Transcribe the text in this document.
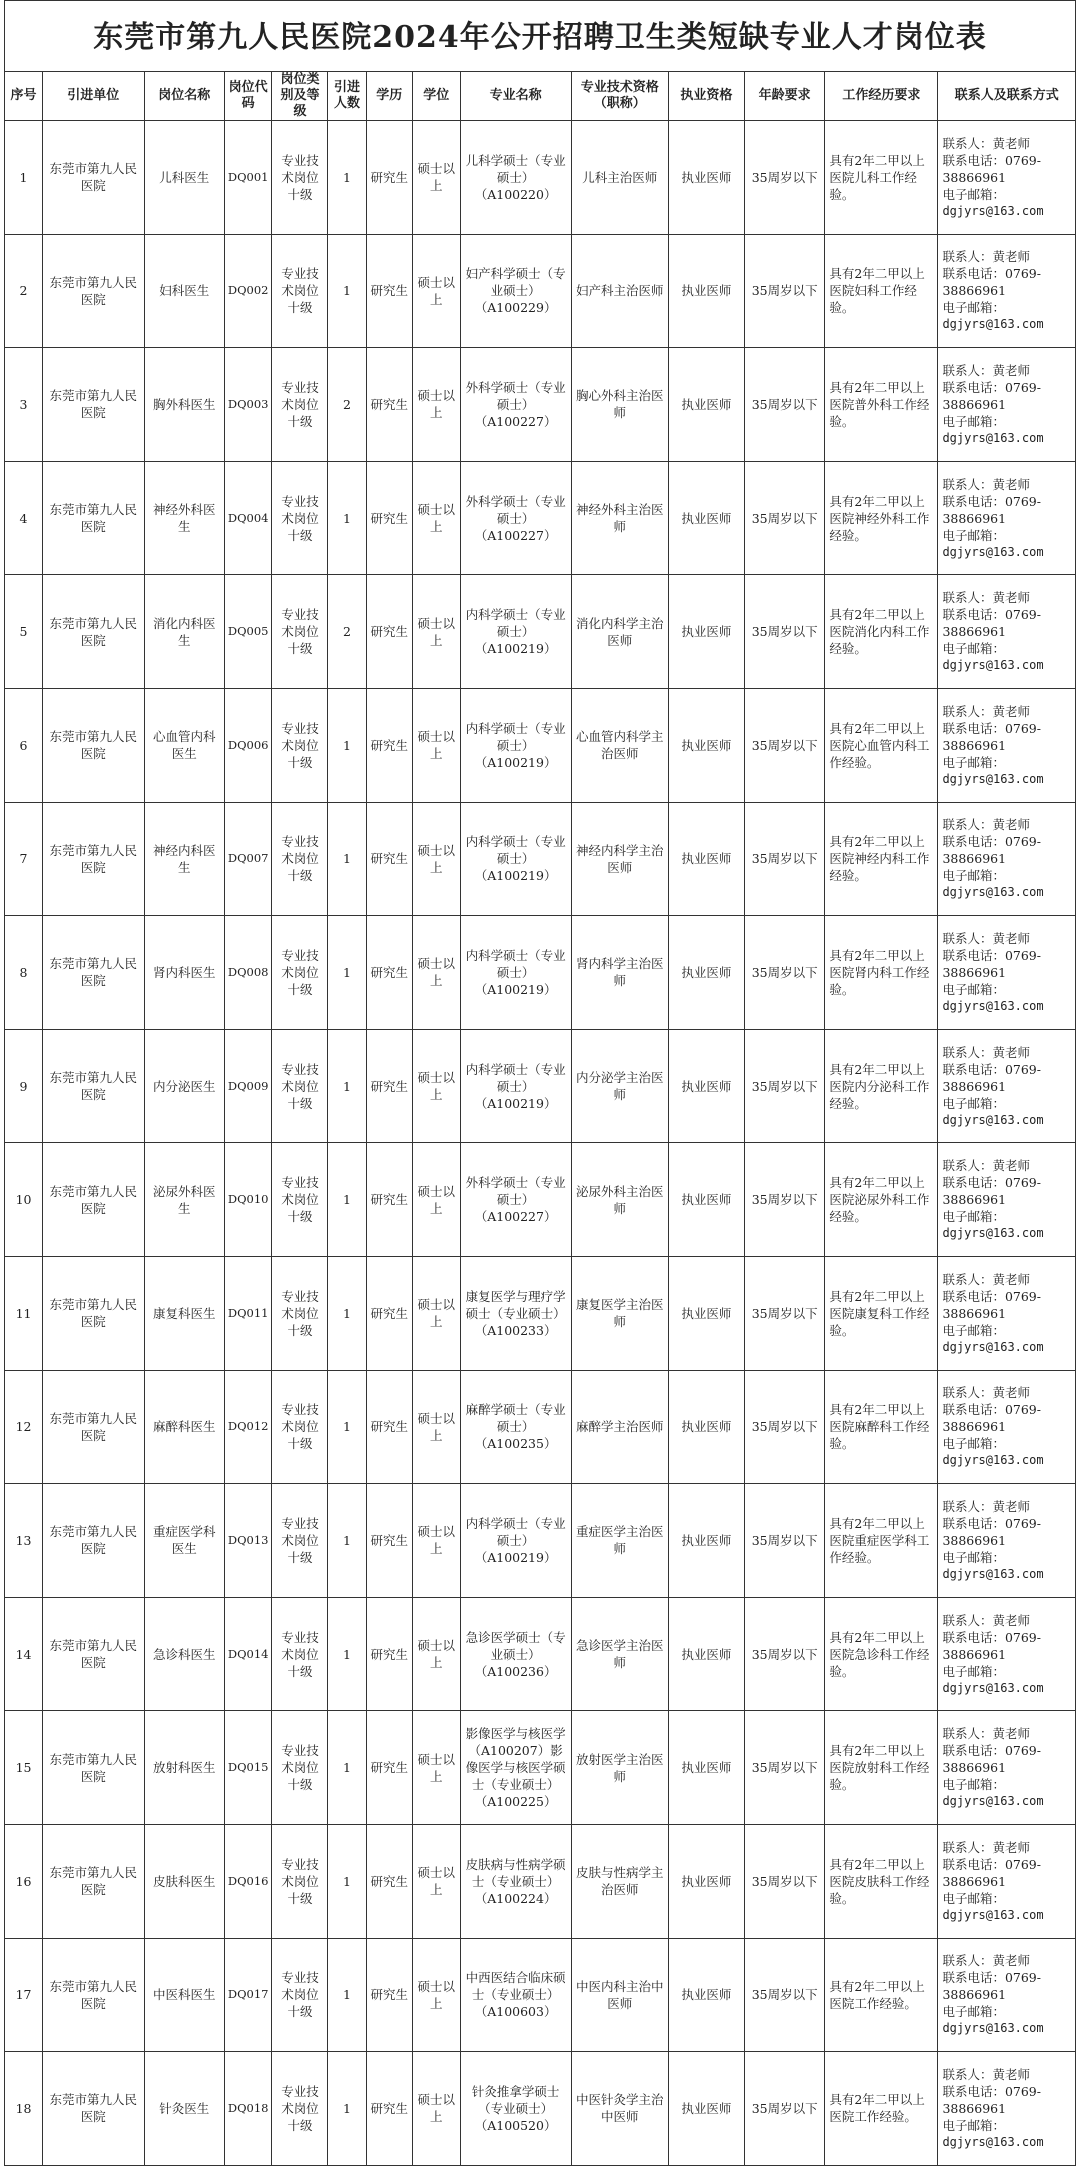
东莞市第九人民医院2024年公开招聘卫生类短缺专业人才岗位表
序号	引进单位	岗位名称	岗位代码	岗位类别及等级	引进人数	学历	学位	专业名称	专业技术资格（职称）	执业资格	年龄要求	工作经历要求	联系人及联系方式
1	东莞市第九人民医院	儿科医生	DQ001	专业技术岗位十级	1	研究生	硕士以上	儿科学硕士（专业硕士）（A100220）	儿科主治医师	执业医师	35周岁以下	具有2年二甲以上医院儿科工作经验。	联系人：黄老师
联系电话：0769-38866961
电子邮箱：
dgjyrs@163.com

2	东莞市第九人民医院	妇科医生	DQ002	专业技术岗位十级	1	研究生	硕士以上	妇产科学硕士（专业硕士）（A100229）	妇产科主治医师	执业医师	35周岁以下	具有2年二甲以上医院妇科工作经验。	联系人：黄老师
联系电话：0769-38866961
电子邮箱：
dgjyrs@163.com

3	东莞市第九人民医院	胸外科医生	DQ003	专业技术岗位十级	2	研究生	硕士以上	外科学硕士（专业硕士）（A100227）	胸心外科主治医师	执业医师	35周岁以下	具有2年二甲以上医院普外科工作经验。	联系人：黄老师
联系电话：0769-38866961
电子邮箱：
dgjyrs@163.com

4	东莞市第九人民医院	神经外科医生	DQ004	专业技术岗位十级	1	研究生	硕士以上	外科学硕士（专业硕士）（A100227）	神经外科主治医师	执业医师	35周岁以下	具有2年二甲以上医院神经外科工作经验。	联系人：黄老师
联系电话：0769-38866961
电子邮箱：
dgjyrs@163.com

5	东莞市第九人民医院	消化内科医生	DQ005	专业技术岗位十级	2	研究生	硕士以上	内科学硕士（专业硕士）（A100219）	消化内科学主治医师	执业医师	35周岁以下	具有2年二甲以上医院消化内科工作经验。	联系人：黄老师
联系电话：0769-38866961
电子邮箱：
dgjyrs@163.com

6	东莞市第九人民医院	心血管内科医生	DQ006	专业技术岗位十级	1	研究生	硕士以上	内科学硕士（专业硕士）（A100219）	心血管内科学主治医师	执业医师	35周岁以下	具有2年二甲以上医院心血管内科工作经验。	联系人：黄老师
联系电话：0769-38866961
电子邮箱：
dgjyrs@163.com

7	东莞市第九人民医院	神经内科医生	DQ007	专业技术岗位十级	1	研究生	硕士以上	内科学硕士（专业硕士）（A100219）	神经内科学主治医师	执业医师	35周岁以下	具有2年二甲以上医院神经内科工作经验。	联系人：黄老师
联系电话：0769-38866961
电子邮箱：
dgjyrs@163.com

8	东莞市第九人民医院	肾内科医生	DQ008	专业技术岗位十级	1	研究生	硕士以上	内科学硕士（专业硕士）（A100219）	肾内科学主治医师	执业医师	35周岁以下	具有2年二甲以上医院肾内科工作经验。	联系人：黄老师
联系电话：0769-38866961
电子邮箱：
dgjyrs@163.com

9	东莞市第九人民医院	内分泌医生	DQ009	专业技术岗位十级	1	研究生	硕士以上	内科学硕士（专业硕士）（A100219）	内分泌学主治医师	执业医师	35周岁以下	具有2年二甲以上医院内分泌科工作经验。	联系人：黄老师
联系电话：0769-38866961
电子邮箱：
dgjyrs@163.com

10	东莞市第九人民医院	泌尿外科医生	DQ010	专业技术岗位十级	1	研究生	硕士以上	外科学硕士（专业硕士）（A100227）	泌尿外科主治医师	执业医师	35周岁以下	具有2年二甲以上医院泌尿外科工作经验。	联系人：黄老师
联系电话：0769-38866961
电子邮箱：
dgjyrs@163.com

11	东莞市第九人民医院	康复科医生	DQ011	专业技术岗位十级	1	研究生	硕士以上	康复医学与理疗学硕士（专业硕士）（A100233）	康复医学主治医师	执业医师	35周岁以下	具有2年二甲以上医院康复科工作经验。	联系人：黄老师
联系电话：0769-38866961
电子邮箱：
dgjyrs@163.com

12	东莞市第九人民医院	麻醉科医生	DQ012	专业技术岗位十级	1	研究生	硕士以上	麻醉学硕士（专业硕士）（A100235）	麻醉学主治医师	执业医师	35周岁以下	具有2年二甲以上医院麻醉科工作经验。	联系人：黄老师
联系电话：0769-38866961
电子邮箱：
dgjyrs@163.com

13	东莞市第九人民医院	重症医学科医生	DQ013	专业技术岗位十级	1	研究生	硕士以上	内科学硕士（专业硕士）（A100219）	重症医学主治医师	执业医师	35周岁以下	具有2年二甲以上医院重症医学科工作经验。	联系人：黄老师
联系电话：0769-38866961
电子邮箱：
dgjyrs@163.com

14	东莞市第九人民医院	急诊科医生	DQ014	专业技术岗位十级	1	研究生	硕士以上	急诊医学硕士（专业硕士）（A100236）	急诊医学主治医师	执业医师	35周岁以下	具有2年二甲以上医院急诊科工作经验。	联系人：黄老师
联系电话：0769-38866961
电子邮箱：
dgjyrs@163.com

15	东莞市第九人民医院	放射科医生	DQ015	专业技术岗位十级	1	研究生	硕士以上	影像医学与核医学（A100207）影像医学与核医学硕士（专业硕士）（A100225）	放射医学主治医师	执业医师	35周岁以下	具有2年二甲以上医院放射科工作经验。	联系人：黄老师
联系电话：0769-38866961
电子邮箱：
dgjyrs@163.com

16	东莞市第九人民医院	皮肤科医生	DQ016	专业技术岗位十级	1	研究生	硕士以上	皮肤病与性病学硕士（专业硕士）（A100224）	皮肤与性病学主治医师	执业医师	35周岁以下	具有2年二甲以上医院皮肤科工作经验。	联系人：黄老师
联系电话：0769-38866961
电子邮箱：
dgjyrs@163.com

17	东莞市第九人民医院	中医科医生	DQ017	专业技术岗位十级	1	研究生	硕士以上	中西医结合临床硕士（专业硕士）（A100603）	中医内科主治中医师	执业医师	35周岁以下	具有2年二甲以上医院工作经验。	联系人：黄老师
联系电话：0769-38866961
电子邮箱：
dgjyrs@163.com

18	东莞市第九人民医院	针灸医生	DQ018	专业技术岗位十级	1	研究生	硕士以上	针灸推拿学硕士（专业硕士）（A100520）	中医针灸学主治中医师	执业医师	35周岁以下	具有2年二甲以上医院工作经验。	联系人：黄老师
联系电话：0769-38866961
电子邮箱：
dgjyrs@163.com
